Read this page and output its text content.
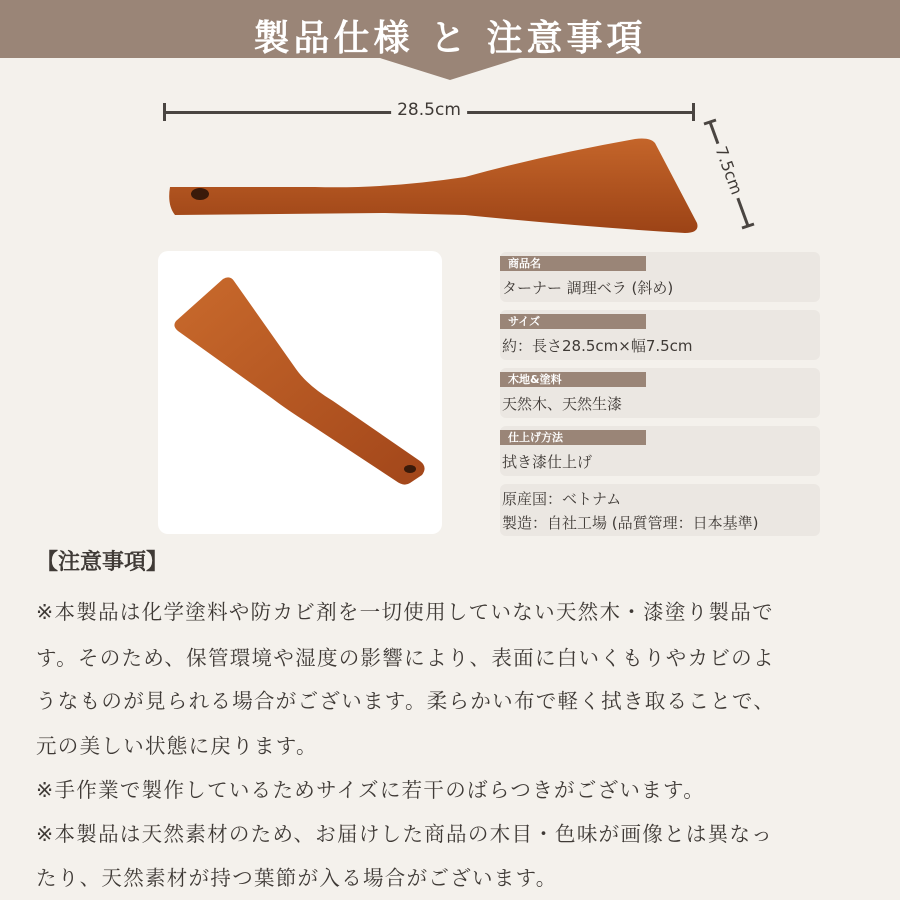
製品仕様 と 注意事項
28.5cm
7.5cm
商品名
ターナー 調理ベラ (斜め)
サイズ
約：長さ28.5cm×幅7.5cm
木地&塗料
天然木、天然生漆
仕上げ方法
拭き漆仕上げ
原産国：ベトナム
製造：自社工場 (品質管理：日本基準)
【注意事項】
※本製品は化学塗料や防カビ剤を一切使用していない天然木・漆塗り製品で
す。そのため、保管環境や湿度の影響により、表面に白いくもりやカビのよ
うなものが見られる場合がございます。柔らかい布で軽く拭き取ることで、
元の美しい状態に戻ります。
※手作業で製作しているためサイズに若干のばらつきがございます。
※本製品は天然素材のため、お届けした商品の木目・色味が画像とは異なっ
たり、天然素材が持つ葉節が入る場合がございます。
